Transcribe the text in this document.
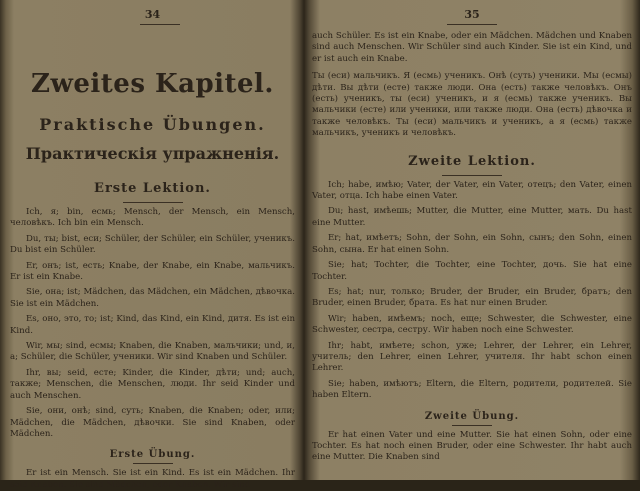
34
Zweites Kapitel.
Praktische Übungen.
Практическія упражненія.
Erste Lektion.

Ich, я; bin, есмь; Mensch, der Mensch, ein Mensch, человѣкъ. Ich bin ein Mensch.

Du, ты; bist, еси; Schüler, der Schüler, ein Schüler, ученикъ. Du bist ein Schüler.

Er, онъ; ist, есть; Knabe, der Knabe, ein Knabe, мальчикъ. Er ist ein Knabe.

Sie, она; ist; Mädchen, das Mädchen, ein Mädchen, дѣвочка. Sie ist ein Mädchen.

Es, оно, это, то; ist; Kind, das Kind, ein Kind, дитя. Es ist ein Kind.

Wir, мы; sind, есмы; Knaben, die Knaben, мальчики; und, и, а; Schüler, die Schüler, ученики. Wir sind Knaben und Schüler.

Ihr, вы; seid, есте; Kinder, die Kinder, дѣти; und; auch, также; Menschen, die Menschen, люди. Ihr seid Kinder und auch Menschen.

Sie, они, онѣ; sind, суть; Knaben, die Knaben; oder, или; Mädchen, die Mädchen, дѣвочки. Sie sind Knaben, oder Mädchen.

Erste Übung.

Er ist ein Mensch. Sie ist ein Kind. Es ist ein Mädchen. Ihr seid Knaben. Sie sind Mädchen, oder Knaben. Wir sind

35

auch Schüler. Es ist ein Knabe, oder ein Mädchen. Mädchen und Knaben sind auch Menschen. Wir Schüler sind auch Kinder. Sie ist ein Kind, und er ist auch ein Knabe.

Ты (еси) мальчикъ. Я (есмь) ученикъ. Онѣ (суть) ученики. Мы (есмы) дѣти. Вы дѣти (есте) также люди. Она (есть) также человѣкъ. Онъ (есть) ученикъ, ты (еси) ученикъ, и я (есмь) также ученикъ. Вы мальчики (есте) или ученики, или также люди. Она (есть) дѣвочка и также человѣкъ. Ты (еси) мальчикъ и ученикъ, а я (есмь) также мальчикъ, ученикъ и человѣкъ.

Zweite Lektion.

Ich; habe, имѣю; Vater, der Vater, ein Vater, отецъ; den Vater, einen Vater, отца. Ich habe einen Vater.

Du; hast, имѣешь; Mutter, die Mutter, eine Mutter, мать. Du hast eine Mutter.

Er; hat, имѣетъ; Sohn, der Sohn, ein Sohn, сынъ; den Sohn, einen Sohn, сына. Er hat einen Sohn.

Sie; hat; Tochter, die Tochter, eine Tochter, дочь. Sie hat eine Tochter.

Es; hat; nur, только; Bruder, der Bruder, ein Bruder, братъ; den Bruder, einen Bruder, брата. Es hat nur einen Bruder.

Wir; haben, имѣемъ; noch, еще; Schwester, die Schwester, eine Schwester, сестра, сестру. Wir haben noch eine Schwester.

Ihr; habt, имѣете; schon, уже; Lehrer, der Lehrer, ein Lehrer, учитель; den Lehrer, einen Lehrer, учителя. Ihr habt schon einen Lehrer.

Sie; haben, имѣютъ; Eltern, die Eltern, родители, родителей. Sie haben Eltern.

Zweite Übung.

Er hat einen Vater und eine Mutter. Sie hat einen Sohn, oder eine Tochter. Es hat noch einen Bruder, oder eine Schwester. Ihr habt auch eine Mutter. Die Knaben sind
